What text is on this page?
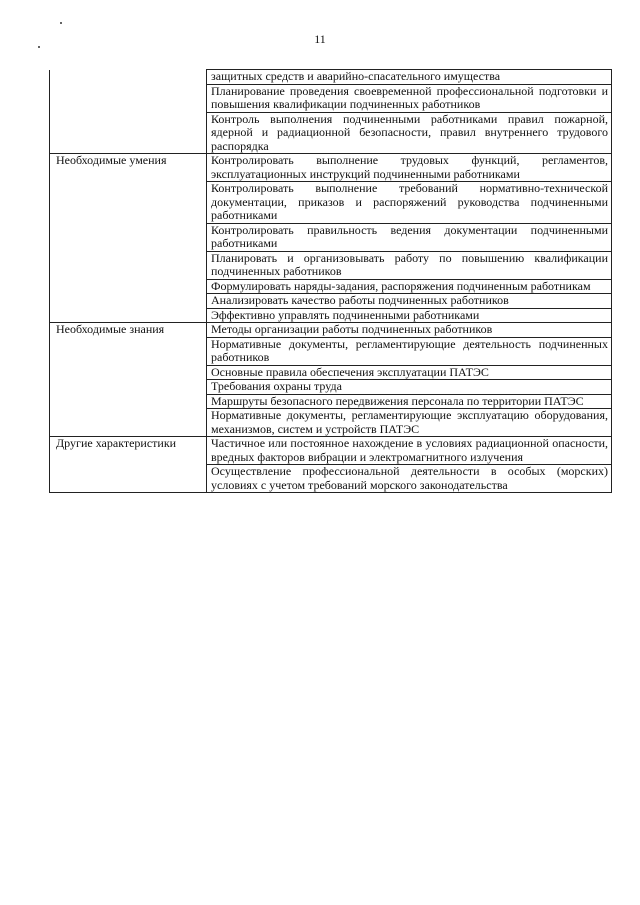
11
	защитных средств и аварийно-спасательного имущества
	Планирование проведения своевременной профессиональной подготовки и повышения квалификации подчиненных работников
	Контроль выполнения подчиненными работниками правил пожарной, ядерной и радиационной безопасности, правил внутреннего трудового распорядка
Необходимые умения	Контролировать выполнение трудовых функций, регламентов, эксплуатационных инструкций подчиненными работниками
	Контролировать выполнение требований нормативно-технической документации, приказов и распоряжений руководства подчиненными работниками
	Контролировать правильность ведения документации подчиненными работниками
	Планировать и организовывать работу по повышению квалификации подчиненных работников
	Формулировать наряды-задания, распоряжения подчиненным работникам
	Анализировать качество работы подчиненных работников
	Эффективно управлять подчиненными работниками
Необходимые знания	Методы организации работы подчиненных работников
	Нормативные документы, регламентирующие деятельность подчиненных работников
	Основные правила обеспечения эксплуатации ПАТЭС
	Требования охраны труда
	Маршруты безопасного передвижения персонала по территории ПАТЭС
	Нормативные документы, регламентирующие эксплуатацию оборудования, механизмов, систем и устройств ПАТЭС
Другие характеристики	Частичное или постоянное нахождение в условиях радиационной опасности, вредных факторов вибрации и электромагнитного излучения
	Осуществление профессиональной деятельности в особых (морских) условиях с учетом требований морского законодательства
